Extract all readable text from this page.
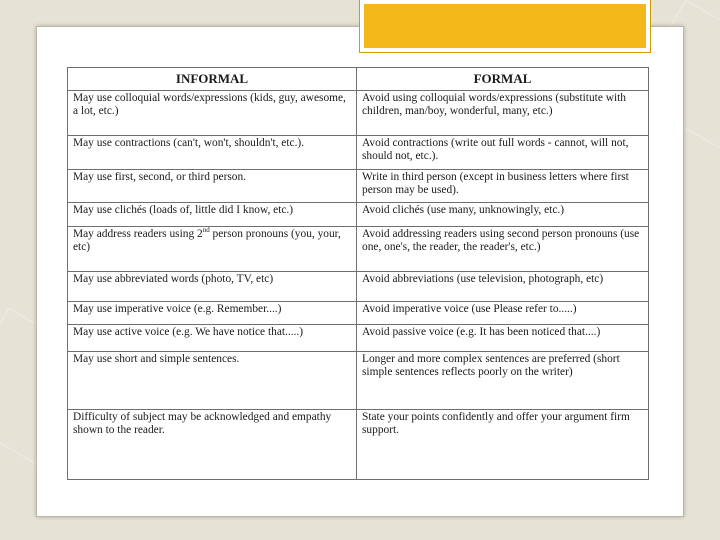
INFORMAL	FORMAL
May use colloquial words/expressions (kids, guy, awesome, a lot, etc.)	Avoid using colloquial words/expressions (substitute with children, man/boy, wonderful, many, etc.)
May use contractions (can't, won't, shouldn't, etc.).	Avoid contractions (write out full words - cannot, will not, should not, etc.).
May use first, second, or third person.	Write in third person (except in business letters where first person may be used).
May use clichés (loads of, little did I know, etc.)	Avoid clichés (use many, unknowingly, etc.)
May address readers using 2nd person pronouns (you, your, etc)	Avoid addressing readers using second person pronouns (use one, one's, the reader, the reader's, etc.)
May use abbreviated words (photo, TV, etc)	Avoid abbreviations (use television, photograph, etc)
May use imperative voice (e.g. Remember....)	Avoid imperative voice (use Please refer to.....)
May use active voice (e.g. We have notice that.....)	Avoid passive voice (e.g. It has been noticed that....)
May use short and simple sentences.	Longer and more complex sentences are preferred (short simple sentences reflects poorly on the writer)
Difficulty of subject may be acknowledged and empathy shown to the reader.	State your points confidently and offer your argument firm support.
